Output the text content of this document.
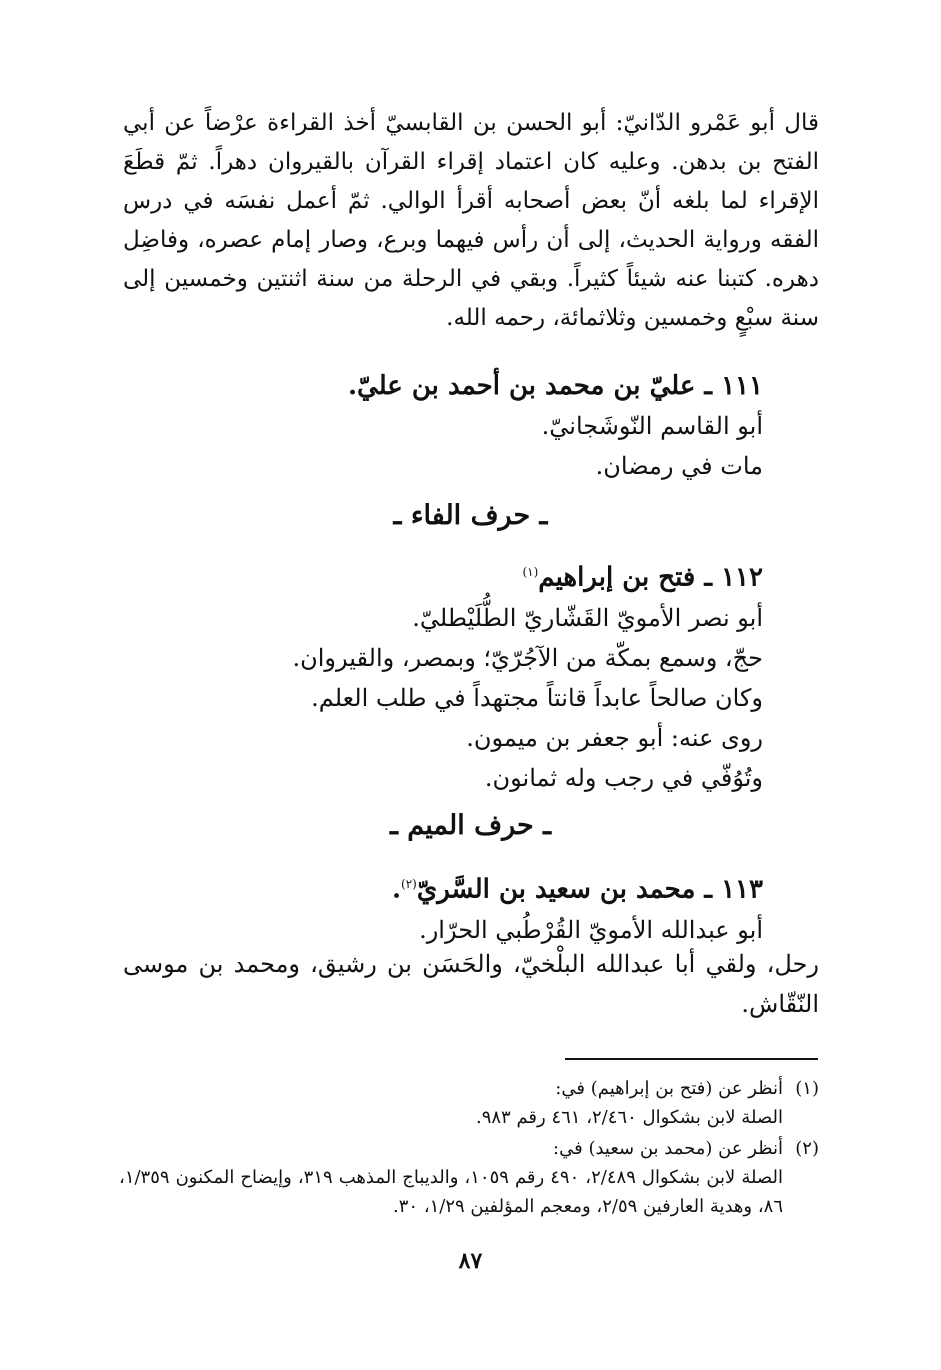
قال أبو عَمْرو الدّانيّ: أبو الحسن بن القابسيّ أخذ القراءة عرْضاً عن أبي الفتح بن بدهن. وعليه كان اعتماد إقراء القرآن بالقيروان دهراً. ثمّ قطَعَ الإقراء لما بلغه أنّ بعض أصحابه أقرأ الوالي. ثمّ أعمل نفسَه في درس الفقه ورواية الحديث، إلى أن رأس فيهما وبرع، وصار إمام عصره، وفاضِل دهره. كتبنا عنه شيئاً كثيراً. وبقي في الرحلة من سنة اثنتين وخمسين إلى سنة سبْعٍ وخمسين وثلاثمائة، رحمه الله.

١١١ ـ عليّ بن محمد بن أحمد بن عليّ.
أبو القاسم النّوشَجانيّ.
مات في رمضان.
ـ حرف الفاء ـ
١١٢ ـ فتح بن إبراهيم$^{(١)}$
أبو نصر الأمويّ القَشّاريّ الطُّلَيْطليّ.
حجّ، وسمع بمكّة من الآجُرّيّ؛ وبمصر، والقيروان.
وكان صالحاً عابداً قانتاً مجتهداً في طلب العلم.
روى عنه: أبو جعفر بن ميمون.
وتُوُفّي في رجب وله ثمانون.
ـ حرف الميم ـ
١١٣ ـ محمد بن سعيد بن السَّريّ$^{(٢)}$.
أبو عبدالله الأمويّ القُرْطُبي الحرّار.
رحل، ولقي أبا عبدالله البلْخيّ، والحَسَن بن رشيق، ومحمد بن موسى النّقّاش.
(١)
أنظر عن (فتح بن إبراهيم) في:
الصلة لابن بشكوال ٢/٤٦٠، ٤٦١ رقم ٩٨٣.
(٢)
أنظر عن (محمد بن سعيد) في:
الصلة لابن بشكوال ٢/٤٨٩، ٤٩٠ رقم ١٠٥٩، والديباج المذهب ٣١٩، وإيضاح المكنون ١/٣٥٩، ٨٦، وهدية العارفين ٢/٥٩، ومعجم المؤلفين ١/٢٩، ٣٠.
٨٧
